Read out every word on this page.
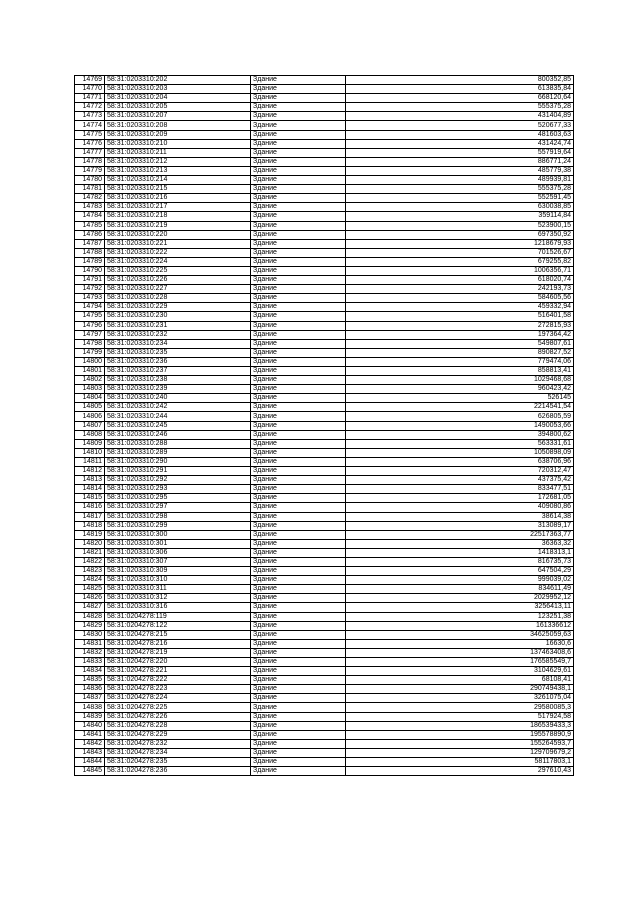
14769	58:31:0203310:202	Здание	800352,85
14770	58:31:0203310:203	Здание	613835,84
14771	58:31:0203310:204	Здание	668120,64
14772	58:31:0203310:205	Здание	555375,28
14773	58:31:0203310:207	Здание	431404,89
14774	58:31:0203310:208	Здание	520677,33
14775	58:31:0203310:209	Здание	481603,63
14776	58:31:0203310:210	Здание	431424,74
14777	58:31:0203310:211	Здание	557919,64
14778	58:31:0203310:212	Здание	886771,24
14779	58:31:0203310:213	Здание	485779,38
14780	58:31:0203310:214	Здание	489939,81
14781	58:31:0203310:215	Здание	555375,28
14782	58:31:0203310:216	Здание	552591,45
14783	58:31:0203310:217	Здание	630038,85
14784	58:31:0203310:218	Здание	359114,84
14785	58:31:0203310:219	Здание	523900,15
14786	58:31:0203310:220	Здание	697350,92
14787	58:31:0203310:221	Здание	1218679,93
14788	58:31:0203310:222	Здание	701526,67
14789	58:31:0203310:224	Здание	679255,82
14790	58:31:0203310:225	Здание	1006356,71
14791	58:31:0203310:226	Здание	618020,74
14792	58:31:0203310:227	Здание	242193,73
14793	58:31:0203310:228	Здание	584605,56
14794	58:31:0203310:229	Здание	459332,94
14795	58:31:0203310:230	Здание	516401,58
14796	58:31:0203310:231	Здание	272815,93
14797	58:31:0203310:232	Здание	197364,42
14798	58:31:0203310:234	Здание	549807,61
14799	58:31:0203310:235	Здание	890827,52
14800	58:31:0203310:236	Здание	779474,06
14801	58:31:0203310:237	Здание	858813,41
14802	58:31:0203310:238	Здание	1029468,68
14803	58:31:0203310:239	Здание	960423,42
14804	58:31:0203310:240	Здание	526145
14805	58:31:0203310:242	Здание	2214541,54
14806	58:31:0203310:244	Здание	626805,59
14807	58:31:0203310:245	Здание	1490053,66
14808	58:31:0203310:246	Здание	394800,62
14809	58:31:0203310:288	Здание	563331,61
14810	58:31:0203310:289	Здание	1050898,09
14811	58:31:0203310:290	Здание	638706,96
14812	58:31:0203310:291	Здание	720312,47
14813	58:31:0203310:292	Здание	437375,42
14814	58:31:0203310:293	Здание	833477,51
14815	58:31:0203310:295	Здание	172681,05
14816	58:31:0203310:297	Здание	409080,86
14817	58:31:0203310:298	Здание	38614,38
14818	58:31:0203310:299	Здание	313089,17
14819	58:31:0203310:300	Здание	22517363,77
14820	58:31:0203310:301	Здание	36363,32
14821	58:31:0203310:306	Здание	1418313,1
14822	58:31:0203310:307	Здание	816735,73
14823	58:31:0203310:309	Здание	647504,29
14824	58:31:0203310:310	Здание	999039,02
14825	58:31:0203310:311	Здание	834611,49
14826	58:31:0203310:312	Здание	2029952,12
14827	58:31:0203310:316	Здание	3256413,11
14828	58:31:0204278:119	Здание	123251,38
14829	58:31:0204278:122	Здание	161336612
14830	58:31:0204278:215	Здание	34625059,63
14831	58:31:0204278:216	Здание	16630,6
14832	58:31:0204278:219	Здание	137463408,6
14833	58:31:0204278:220	Здание	176585549,7
14834	58:31:0204278:221	Здание	3104629,61
14835	58:31:0204278:222	Здание	68108,41
14836	58:31:0204278:223	Здание	290749438,1
14837	58:31:0204278:224	Здание	3261075,04
14838	58:31:0204278:225	Здание	29580085,3
14839	58:31:0204278:226	Здание	517924,58
14840	58:31:0204278:228	Здание	186539433,3
14841	58:31:0204278:229	Здание	195578890,9
14842	58:31:0204278:232	Здание	155264593,7
14843	58:31:0204278:234	Здание	129709679,2
14844	58:31:0204278:235	Здание	58117803,1
14845	58:31:0204278:236	Здание	297610,43
